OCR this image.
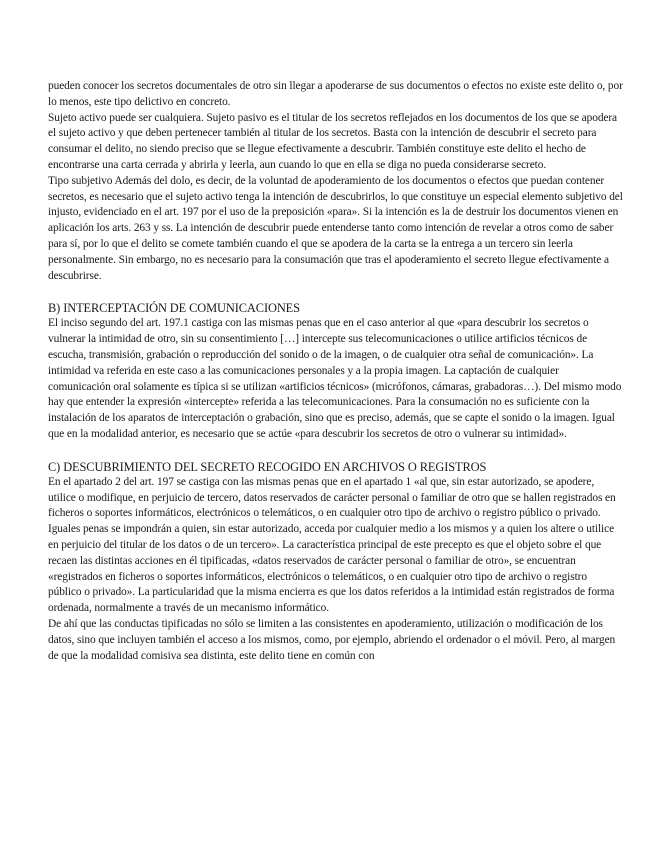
pueden conocer los secretos documentales de otro sin llegar a apoderarse de sus documentos o efectos no existe este delito o, por lo menos, este tipo delictivo en concreto.

Sujeto activo puede ser cualquiera. Sujeto pasivo es el titular de los secretos reflejados en los documentos de los que se apodera el sujeto activo y que deben pertenecer también al titular de los secretos. Basta con la intención de descubrir el secreto para consumar el delito, no siendo preciso que se llegue efectivamente a descubrir. También constituye este delito el hecho de encontrarse una carta cerrada y abrirla y leerla, aun cuando lo que en ella se diga no pueda considerarse secreto.

Tipo subjetivo Además del dolo, es decir, de la voluntad de apoderamiento de los documentos o efectos que puedan contener secretos, es necesario que el sujeto activo tenga la intención de descubrirlos, lo que constituye un especial elemento subjetivo del injusto, evidenciado en el art. 197 por el uso de la preposición «para». Si la intención es la de destruir los documentos vienen en aplicación los arts. 263 y ss. La intención de descubrir puede entenderse tanto como intención de revelar a otros como de saber para sí, por lo que el delito se comete también cuando el que se apodera de la carta se la entrega a un tercero sin leerla personalmente. Sin embargo, no es necesario para la consumación que tras el apoderamiento el secreto llegue efectivamente a descubrirse.

B) INTERCEPTACIÓN DE COMUNICACIONES

El inciso segundo del art. 197.1 castiga con las mismas penas que en el caso anterior al que «para descubrir los secretos o vulnerar la intimidad de otro, sin su consentimiento […] intercepte sus telecomunicaciones o utilice artificios técnicos de escucha, transmisión, grabación o reproducción del sonido o de la imagen, o de cualquier otra señal de comunicación». La intimidad va referida en este caso a las comunicaciones personales y a la propia imagen. La captación de cualquier comunicación oral solamente es típica si se utilizan «artificios técnicos» (micrófonos, cámaras, grabadoras…). Del mismo modo hay que entender la expresión «intercepte» referida a las telecomunicaciones. Para la consumación no es suficiente con la instalación de los aparatos de interceptación o grabación, sino que es preciso, además, que se capte el sonido o la imagen. Igual que en la modalidad anterior, es necesario que se actúe «para descubrir los secretos de otro o vulnerar su intimidad».

C) DESCUBRIMIENTO DEL SECRETO RECOGIDO EN ARCHIVOS O REGISTROS

En el apartado 2 del art. 197 se castiga con las mismas penas que en el apartado 1 «al que, sin estar autorizado, se apodere, utilice o modifique, en perjuicio de tercero, datos reservados de carácter personal o familiar de otro que se hallen registrados en ficheros o soportes informáticos, electrónicos o telemáticos, o en cualquier otro tipo de archivo o registro público o privado. Iguales penas se impondrán a quien, sin estar autorizado, acceda por cualquier medio a los mismos y a quien los altere o utilice en perjuicio del titular de los datos o de un tercero». La característica principal de este precepto es que el objeto sobre el que recaen las distintas acciones en él tipificadas, «datos reservados de carácter personal o familiar de otro», se encuentran «registrados en ficheros o soportes informáticos, electrónicos o telemáticos, o en cualquier otro tipo de archivo o registro público o privado». La particularidad que la misma encierra es que los datos referidos a la intimidad están registrados de forma ordenada, normalmente a través de un mecanismo informático.

De ahí que las conductas tipificadas no sólo se limiten a las consistentes en apoderamiento, utilización o modificación de los datos, sino que incluyen también el acceso a los mismos, como, por ejemplo, abriendo el ordenador o el móvil. Pero, al margen de que la modalidad comisiva sea distinta, este delito tiene en común con
